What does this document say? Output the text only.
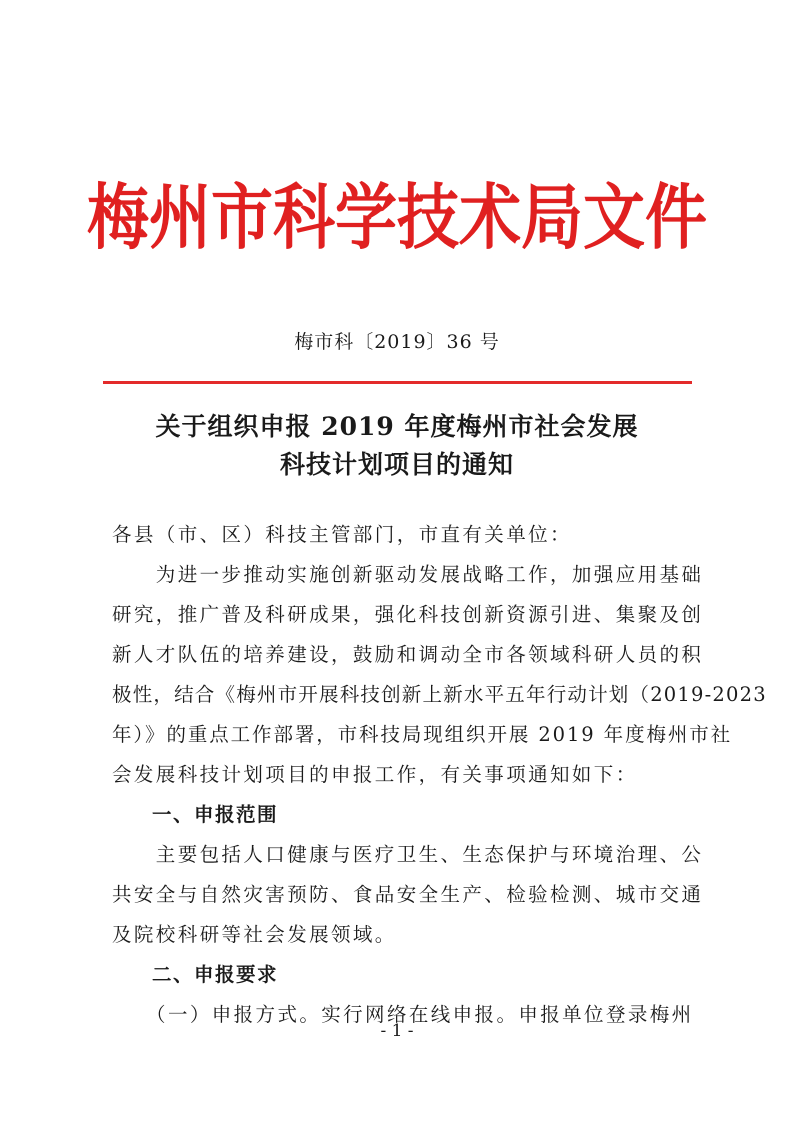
梅州市科学技术局文件
梅市科〔2019〕36 号
关于组织申报 2019 年度梅州市社会发展
科技计划项目的通知
各县（市、区）科技主管部门，市直有关单位：
　　为进一步推动实施创新驱动发展战略工作，加强应用基础
研究，推广普及科研成果，强化科技创新资源引进、集聚及创
新人才队伍的培养建设，鼓励和调动全市各领域科研人员的积
极性，结合《梅州市开展科技创新上新水平五年行动计划（2019-2023
年）》的重点工作部署，市科技局现组织开展 2019 年度梅州市社
会发展科技计划项目的申报工作，有关事项通知如下：
一、申报范围
　　主要包括人口健康与医疗卫生、生态保护与环境治理、公
共安全与自然灾害预防、食品安全生产、检验检测、城市交通
及院校科研等社会发展领域。
二、申报要求
　　（一）申报方式。实行网络在线申报。申报单位登录梅州
- 1 -
